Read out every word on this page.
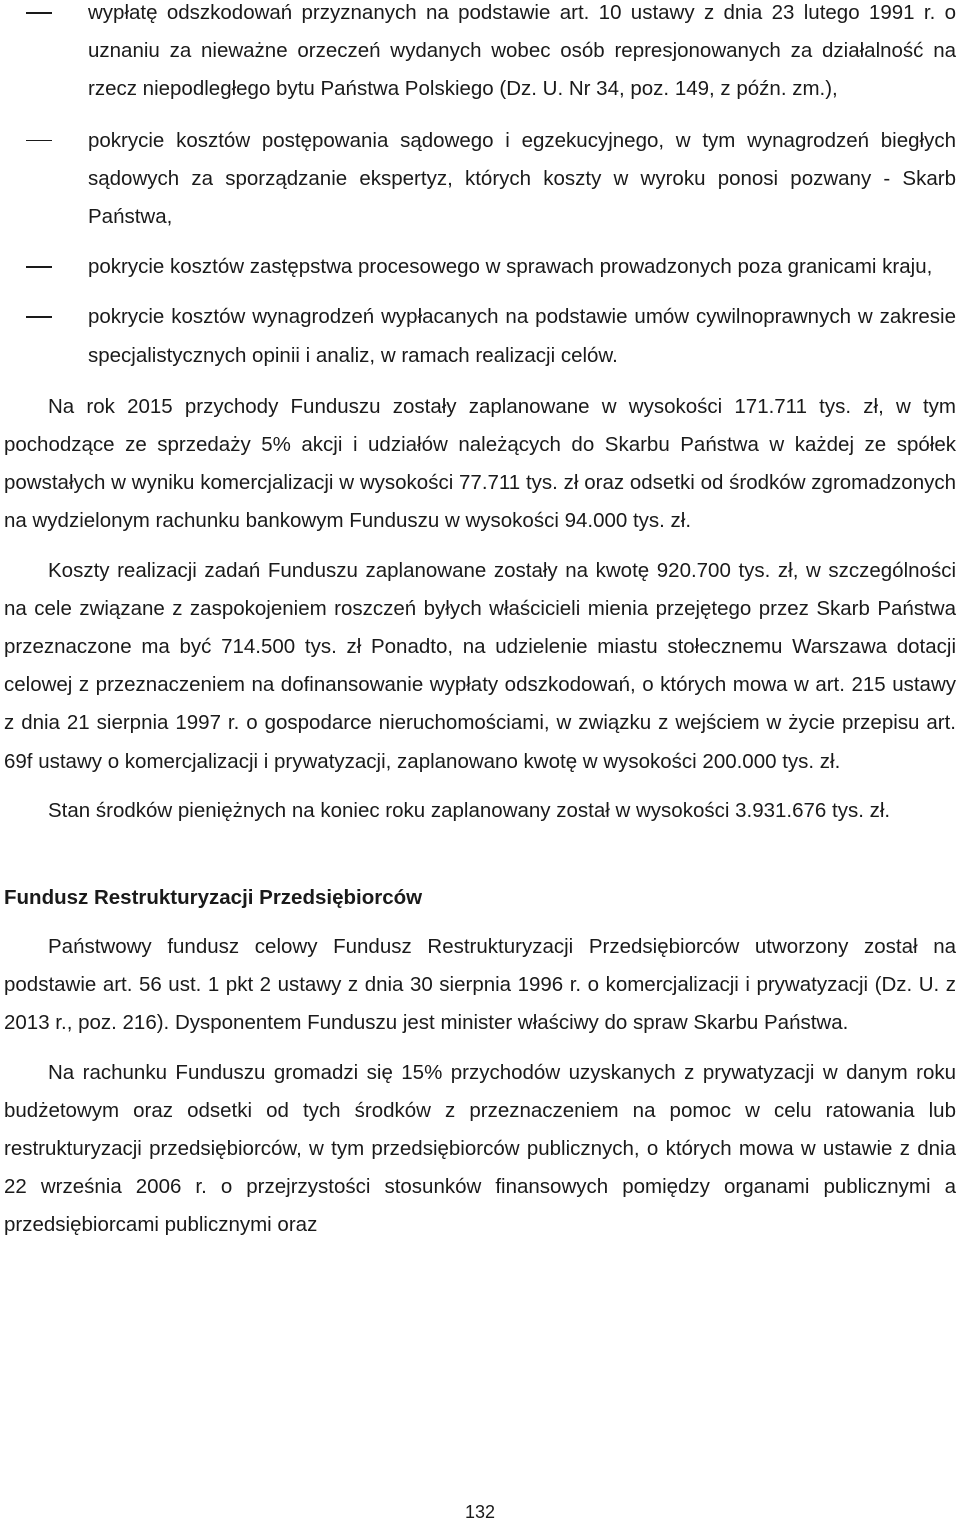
wypłatę odszkodowań przyznanych na podstawie art. 10 ustawy z dnia 23 lutego 1991 r. o uznaniu za nieważne orzeczeń wydanych wobec osób represjonowanych za działalność na rzecz niepodległego bytu Państwa Polskiego (Dz. U. Nr 34, poz. 149, z późn. zm.),
pokrycie kosztów postępowania sądowego i egzekucyjnego, w tym wynagrodzeń biegłych sądowych za sporządzanie ekspertyz, których koszty w wyroku ponosi pozwany - Skarb Państwa,
pokrycie kosztów zastępstwa procesowego w sprawach prowadzonych poza granicami kraju,
pokrycie kosztów wynagrodzeń wypłacanych na podstawie umów cywilnoprawnych w zakresie specjalistycznych opinii i analiz, w ramach realizacji celów.

Na rok 2015 przychody Funduszu zostały zaplanowane w wysokości 171.711 tys. zł, w tym pochodzące ze sprzedaży 5% akcji i udziałów należących do Skarbu Państwa w każdej ze spółek powstałych w wyniku komercjalizacji w wysokości 77.711 tys. zł oraz odsetki od środków zgromadzonych na wydzielonym rachunku bankowym Funduszu w wysokości 94.000 tys. zł.

Koszty realizacji zadań Funduszu zaplanowane zostały na kwotę 920.700 tys. zł, w szczególności na cele związane z zaspokojeniem roszczeń byłych właścicieli mienia przejętego przez Skarb Państwa przeznaczone ma być 714.500 tys. zł Ponadto, na udzielenie miastu stołecznemu Warszawa dotacji celowej z przeznaczeniem na dofinansowanie wypłaty odszkodowań, o których mowa w art. 215 ustawy z dnia 21 sierpnia 1997 r. o gospodarce nieruchomościami, w związku z wejściem w życie przepisu art. 69f ustawy o komercjalizacji i prywatyzacji, zaplanowano kwotę w wysokości 200.000 tys. zł.

Stan środków pieniężnych na koniec roku zaplanowany został w wysokości 3.931.676 tys. zł.

Fundusz Restrukturyzacji Przedsiębiorców

Państwowy fundusz celowy Fundusz Restrukturyzacji Przedsiębiorców utworzony został na podstawie art. 56 ust. 1 pkt 2 ustawy z dnia 30 sierpnia 1996 r. o komercjalizacji i prywatyzacji (Dz. U. z 2013 r., poz. 216). Dysponentem Funduszu jest minister właściwy do spraw Skarbu Państwa.

Na rachunku Funduszu gromadzi się 15% przychodów uzyskanych z prywatyzacji w danym roku budżetowym oraz odsetki od tych środków z przeznaczeniem na pomoc w celu ratowania lub restrukturyzacji przedsiębiorców, w tym przedsiębiorców publicznych, o których mowa w ustawie z dnia 22 września 2006 r. o przejrzystości stosunków finansowych pomiędzy organami publicznymi a przedsiębiorcami publicznymi oraz

132
